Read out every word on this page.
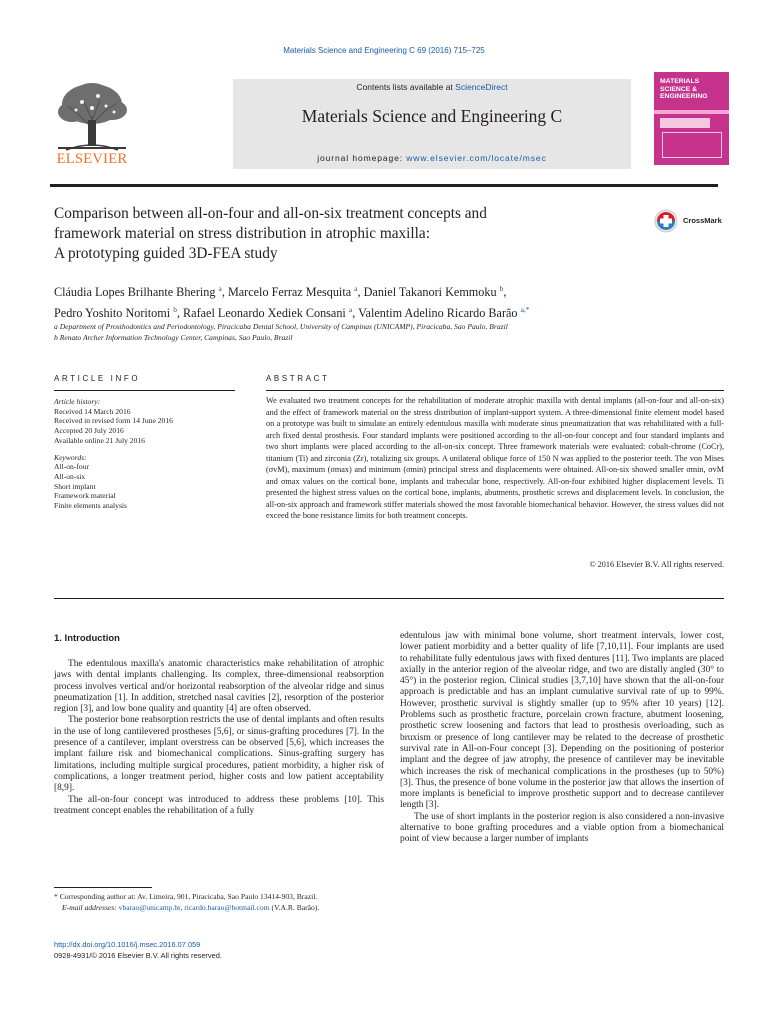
Materials Science and Engineering C 69 (2016) 715–725
ELSEVIER
Contents lists available at ScienceDirect
Materials Science and Engineering C
journal homepage: www.elsevier.com/locate/msec
MATERIALS SCIENCE & ENGINEERING
Comparison between all-on-four and all-on-six treatment concepts and
framework material on stress distribution in atrophic maxilla:
A prototyping guided 3D-FEA study
CrossMark
Cláudia Lopes Brilhante Bhering $^a$, Marcelo Ferraz Mesquita $^a$, Daniel Takanori Kemmoku $^b$,
Pedro Yoshito Noritomi $^b$, Rafael Leonardo Xediek Consani $^a$, Valentim Adelino Ricardo Barão $^{a,*}$
a Department of Prosthodontics and Periodontology, Piracicaba Dental School, University of Campinas (UNICAMP), Piracicaba, Sao Paulo, Brazil
b Renato Archer Information Technology Center, Campinas, Sao Paulo, Brazil
ARTICLE INFO	ABSTRACT
Article history:
Received 14 March 2016
Received in revised form 14 June 2016
Accepted 20 July 2016
Available online 21 July 2016
Keywords:
All-on-four
All-on-six
Short implant
Framework material
Finite elements analysis
We evaluated two treatment concepts for the rehabilitation of moderate atrophic maxilla with dental implants (all-on-four and all-on-six) and the effect of framework material on the stress distribution of implant-support system. A three-dimensional finite element model based on a prototype was built to simulate an entirely edentulous maxilla with moderate sinus pneumatization that was rehabilitated with a full-arch fixed dental prosthesis. Four standard implants were positioned according to the all-on-four concept and four standard implants and two short implants were placed according to the all-on-six concept. Three framework materials were evaluated: cobalt-chrome (CoCr), titanium (Ti) and zirconia (Zr), totalizing six groups. A unilateral oblique force of 150 N was applied to the posterior teeth. The von Mises (σvM), maximum (σmax) and minimum (σmin) principal stress and displacements were obtained. All-on-six showed smaller σmin, σvM and σmax values on the cortical bone, implants and trabecular bone, respectively. All-on-four exhibited higher displacement levels. Ti presented the highest stress values on the cortical bone, implants, abutments, prosthetic screws and displacement levels. In conclusion, the all-on-six approach and framework stiffer materials showed the most favorable biomechanical behavior. However, the stress values did not exceed the bone resistance limits for both treatment concepts.
© 2016 Elsevier B.V. All rights reserved.
1. Introduction

The edentulous maxilla's anatomic characteristics make rehabilitation of atrophic jaws with dental implants challenging. Its complex, three-dimensional reabsorption process involves vertical and/or horizontal reabsorption of the alveolar ridge and sinus pneumatization [1]. In addition, stretched nasal cavities [2], resorption of the posterior region [3], and low bone quality and quantity [4] are often observed.

The posterior bone reabsorption restricts the use of dental implants and often results in the use of long cantilevered prostheses [5,6], or sinus-grafting procedures [7]. In the presence of a cantilever, implant overstress can be observed [5,6], which increases the implant failure risk and biomechanical complications. Sinus-grafting surgery has limitations, including multiple surgical procedures, patient morbidity, a higher risk of complications, a longer treatment period, higher costs and low patient acceptability [8,9].

The all-on-four concept was introduced to address these problems [10]. This treatment concept enables the rehabilitation of a fully

edentulous jaw with minimal bone volume, short treatment intervals, lower cost, lower patient morbidity and a better quality of life [7,10,11]. Four implants are used to rehabilitate fully edentulous jaws with fixed dentures [11]. Two implants are placed axially in the anterior region of the alveolar ridge, and two are distally angled (30° to 45°) in the posterior region. Clinical studies [3,7,10] have shown that the all-on-four approach is predictable and has an implant cumulative survival rate of up to 99%. However, prosthetic survival is slightly smaller (up to 95% after 10 years) [12]. Problems such as prosthetic fracture, porcelain crown fracture, abutment loosening, prosthetic screw loosening and factors that lead to prosthesis overloading, such as bruxism or presence of long cantilever may be related to the decrease of prosthetic survival rate in All-on-Four concept [3]. Depending on the positioning of posterior implant and the degree of jaw atrophy, the presence of cantilever may be inevitable which increases the risk of mechanical complications in the prostheses (up to 50%) [3]. Thus, the presence of bone volume in the posterior jaw that allows the insertion of more implants is beneficial to improve prosthetic support and to decrease cantilever length [3].

The use of short implants in the posterior region is also considered a non-invasive alternative to bone grafting procedures and a viable option from a biomechanical point of view because a larger number of implants

* Corresponding author at: Av. Limeira, 901, Piracicaba, Sao Paulo 13414-903, Brazil.
E-mail addresses: vbarao@unicamp.br, ricardo.barao@hotmail.com (V.A.R. Barão).
http://dx.doi.org/10.1016/j.msec.2016.07.059
0928-4931/© 2016 Elsevier B.V. All rights reserved.
